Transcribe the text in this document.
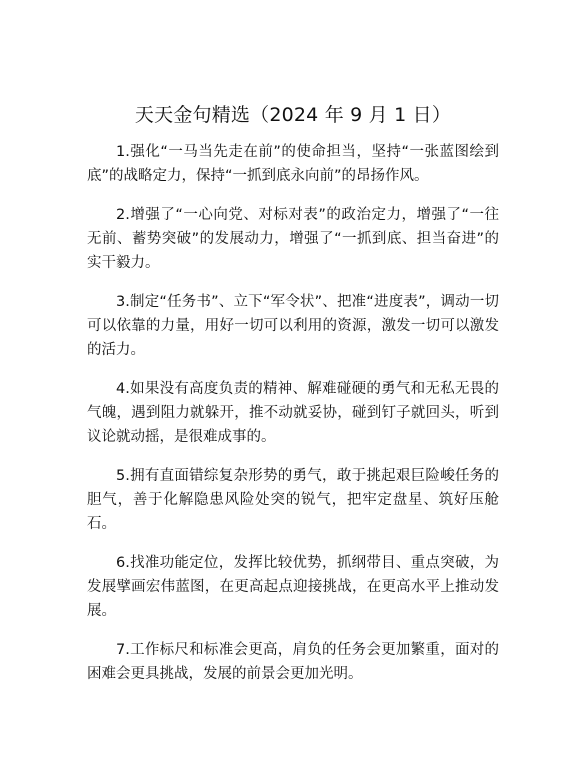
天天金句精选（2024 年 9 月 1 日）

1.强化“一马当先走在前”的使命担当，坚持“一张蓝图绘到底”的战略定力，保持“一抓到底永向前”的昂扬作风。

2.增强了“一心向党、对标对表”的政治定力，增强了“一往无前、蓄势突破”的发展动力，增强了“一抓到底、担当奋进”的实干毅力。

3.制定“任务书”、立下“军令状”、把准“进度表”，调动一切可以依靠的力量，用好一切可以利用的资源，激发一切可以激发的活力。

4.如果没有高度负责的精神、解难碰硬的勇气和无私无畏的气魄，遇到阻力就躲开，推不动就妥协，碰到钉子就回头，听到议论就动摇，是很难成事的。

5.拥有直面错综复杂形势的勇气，敢于挑起艰巨险峻任务的胆气，善于化解隐患风险处突的锐气，把牢定盘星、筑好压舱石。

6.找准功能定位，发挥比较优势，抓纲带目、重点突破，为发展擘画宏伟蓝图，在更高起点迎接挑战，在更高水平上推动发展。

7.工作标尺和标准会更高，肩负的任务会更加繁重，面对的困难会更具挑战，发展的前景会更加光明。
